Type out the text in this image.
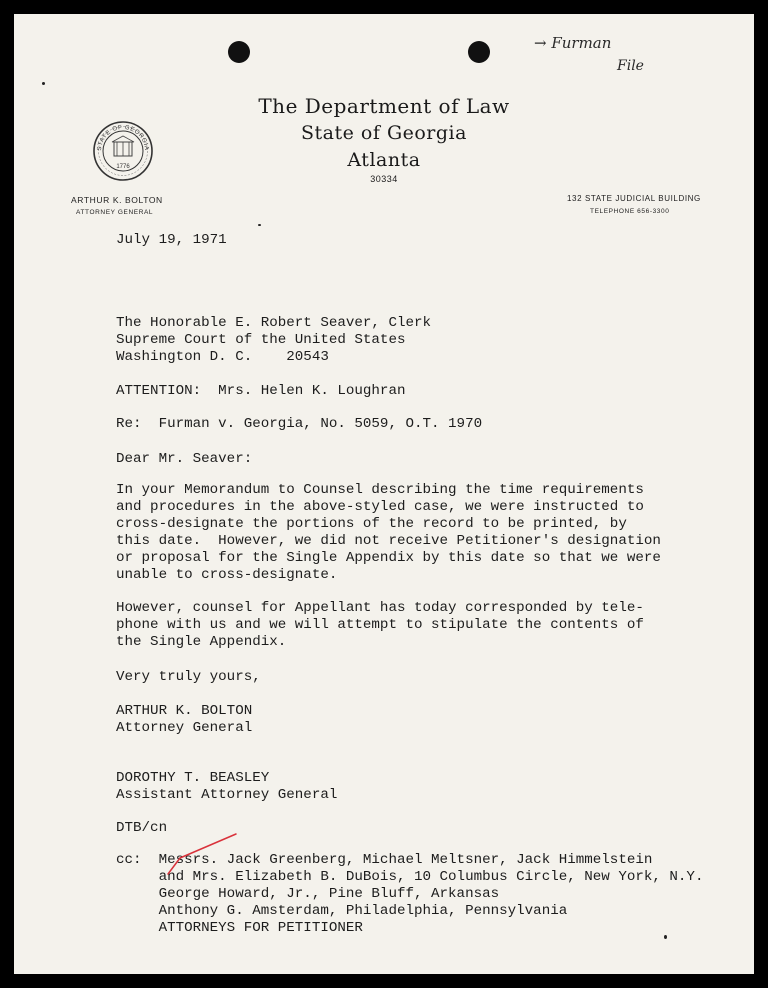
→ Furman
File
STATE OF GEORGIA
1776
The Department of Law
State of Georgia
Atlanta
30334
ARTHUR K. BOLTON
ATTORNEY GENERAL
132 STATE JUDICIAL BUILDING
TELEPHONE 656-3300
July 19, 1971
The Honorable E. Robert Seaver, Clerk
Supreme Court of the United States
Washington D. C.    20543
ATTENTION:  Mrs. Helen K. Loughran
Re:  Furman v. Georgia, No. 5059, O.T. 1970
Dear Mr. Seaver:
In your Memorandum to Counsel describing the time requirements
and procedures in the above-styled case, we were instructed to
cross-designate the portions of the record to be printed, by
this date.  However, we did not receive Petitioner's designation
or proposal for the Single Appendix by this date so that we were
unable to cross-designate.
However, counsel for Appellant has today corresponded by tele-
phone with us and we will attempt to stipulate the contents of
the Single Appendix.
Very truly yours,
ARTHUR K. BOLTON
Attorney General
DOROTHY T. BEASLEY
Assistant Attorney General
DTB/cn
cc:  Messrs. Jack Greenberg, Michael Meltsner, Jack Himmelstein
and Mrs. Elizabeth B. DuBois, 10 Columbus Circle, New York, N.Y.
George Howard, Jr., Pine Bluff, Arkansas
Anthony G. Amsterdam, Philadelphia, Pennsylvania
ATTORNEYS FOR PETITIONER
